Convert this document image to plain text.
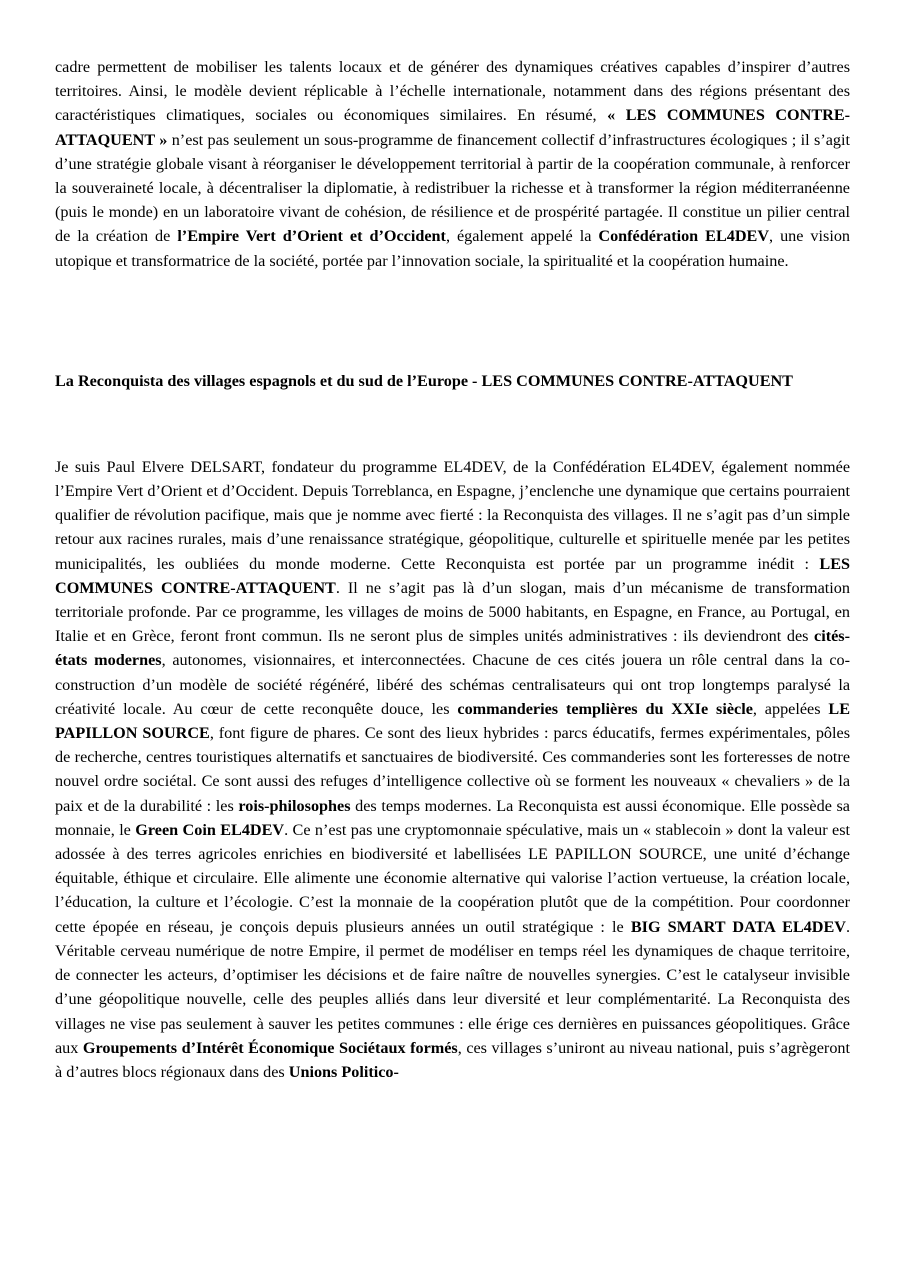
cadre permettent de mobiliser les talents locaux et de générer des dynamiques créatives capables d’inspirer d’autres territoires. Ainsi, le modèle devient réplicable à l’échelle internationale, notamment dans des régions présentant des caractéristiques climatiques, sociales ou économiques similaires. En résumé, « LES COMMUNES CONTRE-ATTAQUENT » n’est pas seulement un sous-programme de financement collectif d’infrastructures écologiques ; il s’agit d’une stratégie globale visant à réorganiser le développement territorial à partir de la coopération communale, à renforcer la souveraineté locale, à décentraliser la diplomatie, à redistribuer la richesse et à transformer la région méditerranéenne (puis le monde) en un laboratoire vivant de cohésion, de résilience et de prospérité partagée. Il constitue un pilier central de la création de l’Empire Vert d’Orient et d’Occident, également appelé la Confédération EL4DEV, une vision utopique et transformatrice de la société, portée par l’innovation sociale, la spiritualité et la coopération humaine.

La Reconquista des villages espagnols et du sud de l’Europe - LES COMMUNES CONTRE-ATTAQUENT

Je suis Paul Elvere DELSART, fondateur du programme EL4DEV, de la Confédération EL4DEV, également nommée l’Empire Vert d’Orient et d’Occident. Depuis Torreblanca, en Espagne, j’enclenche une dynamique que certains pourraient qualifier de révolution pacifique, mais que je nomme avec fierté : la Reconquista des villages. Il ne s’agit pas d’un simple retour aux racines rurales, mais d’une renaissance stratégique, géopolitique, culturelle et spirituelle menée par les petites municipalités, les oubliées du monde moderne. Cette Reconquista est portée par un programme inédit : LES COMMUNES CONTRE-ATTAQUENT. Il ne s’agit pas là d’un slogan, mais d’un mécanisme de transformation territoriale profonde. Par ce programme, les villages de moins de 5000 habitants, en Espagne, en France, au Portugal, en Italie et en Grèce, feront front commun. Ils ne seront plus de simples unités administratives : ils deviendront des cités-états modernes, autonomes, visionnaires, et interconnectées. Chacune de ces cités jouera un rôle central dans la co-construction d’un modèle de société régénéré, libéré des schémas centralisateurs qui ont trop longtemps paralysé la créativité locale. Au cœur de cette reconquête douce, les commanderies templières du XXIe siècle, appelées LE PAPILLON SOURCE, font figure de phares. Ce sont des lieux hybrides : parcs éducatifs, fermes expérimentales, pôles de recherche, centres touristiques alternatifs et sanctuaires de biodiversité. Ces commanderies sont les forteresses de notre nouvel ordre sociétal. Ce sont aussi des refuges d’intelligence collective où se forment les nouveaux « chevaliers » de la paix et de la durabilité : les rois-philosophes des temps modernes. La Reconquista est aussi économique. Elle possède sa monnaie, le Green Coin EL4DEV. Ce n’est pas une cryptomonnaie spéculative, mais un « stablecoin » dont la valeur est adossée à des terres agricoles enrichies en biodiversité et labellisées LE PAPILLON SOURCE, une unité d’échange équitable, éthique et circulaire. Elle alimente une économie alternative qui valorise l’action vertueuse, la création locale, l’éducation, la culture et l’écologie. C’est la monnaie de la coopération plutôt que de la compétition. Pour coordonner cette épopée en réseau, je conçois depuis plusieurs années un outil stratégique : le BIG SMART DATA EL4DEV. Véritable cerveau numérique de notre Empire, il permet de modéliser en temps réel les dynamiques de chaque territoire, de connecter les acteurs, d’optimiser les décisions et de faire naître de nouvelles synergies. C’est le catalyseur invisible d’une géopolitique nouvelle, celle des peuples alliés dans leur diversité et leur complémentarité. La Reconquista des villages ne vise pas seulement à sauver les petites communes : elle érige ces dernières en puissances géopolitiques. Grâce aux Groupements d’Intérêt Économique Sociétaux formés, ces villages s’uniront au niveau national, puis s’agrègeront à d’autres blocs régionaux dans des Unions Politico-
